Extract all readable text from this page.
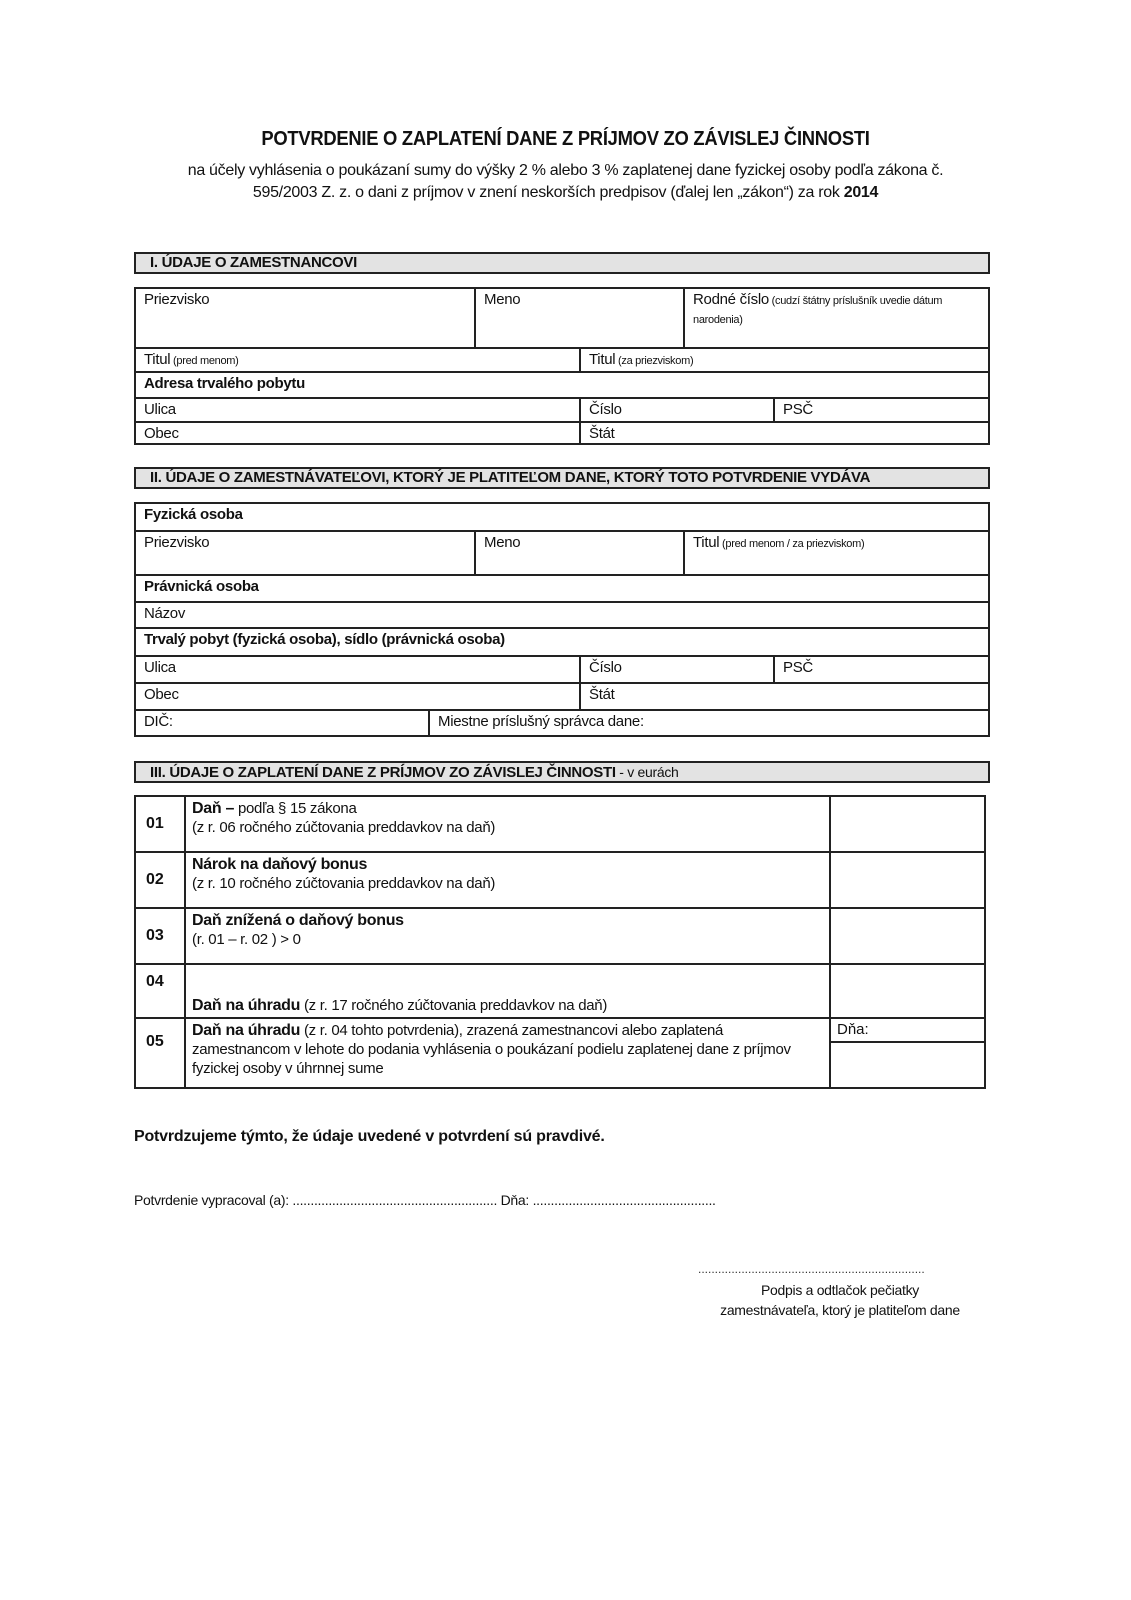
POTVRDENIE O ZAPLATENÍ DANE Z PRÍJMOV ZO ZÁVISLEJ ČINNOSTI
na účely vyhlásenia o poukázaní sumy do výšky 2 % alebo 3 % zaplatenej dane fyzickej osoby podľa zákona č.
595/2003 Z. z. o dani z príjmov v znení neskorších predpisov (ďalej len „zákon“) za rok 2014
I. ÚDAJE O ZAMESTNANCOVI
Priezvisko	Meno	Rodné číslo (cudzí štátny príslušník uvedie dátum narodenia)
Titul (pred menom)	Titul (za priezviskom)
Adresa trvalého pobytu
Ulica	Číslo	PSČ
Obec	Štát
II. ÚDAJE O ZAMESTNÁVATEĽOVI, KTORÝ JE PLATITEĽOM DANE, KTORÝ TOTO POTVRDENIE VYDÁVA
Fyzická osoba
Priezvisko	Meno	Titul (pred menom / za priezviskom)
Právnická osoba
Názov
Trvalý pobyt (fyzická osoba), sídlo (právnická osoba)
Ulica	Číslo	PSČ
Obec	Štát
DIČ:	Miestne príslušný správca dane:
III. ÚDAJE O ZAPLATENÍ DANE Z PRÍJMOV ZO ZÁVISLEJ ČINNOSTI - v eurách
01
Daň – podľa § 15 zákona
(z r. 06 ročného zúčtovania preddavkov na daň)
02
Nárok na daňový bonus
(z r. 10 ročného zúčtovania preddavkov na daň)
03
Daň znížená o daňový bonus
(r. 01 – r. 02 ) > 0
04
Daň na úhradu (z r. 17 ročného zúčtovania preddavkov na daň)
05
Daň na úhradu (z r. 04 tohto potvrdenia), zrazená zamestnancovi alebo zaplatená zamestnancom v lehote do podania vyhlásenia o poukázaní podielu zaplatenej dane z príjmov fyzickej osoby v úhrnnej sume
Dňa:
Potvrdzujeme týmto, že údaje uvedené v potvrdení sú pravdivé.
Potvrdenie vypracoval (a): ......................................................... Dňa: ...................................................
....................................................................
Podpis a odtlačok pečiatky
zamestnávateľa, ktorý je platiteľom dane
